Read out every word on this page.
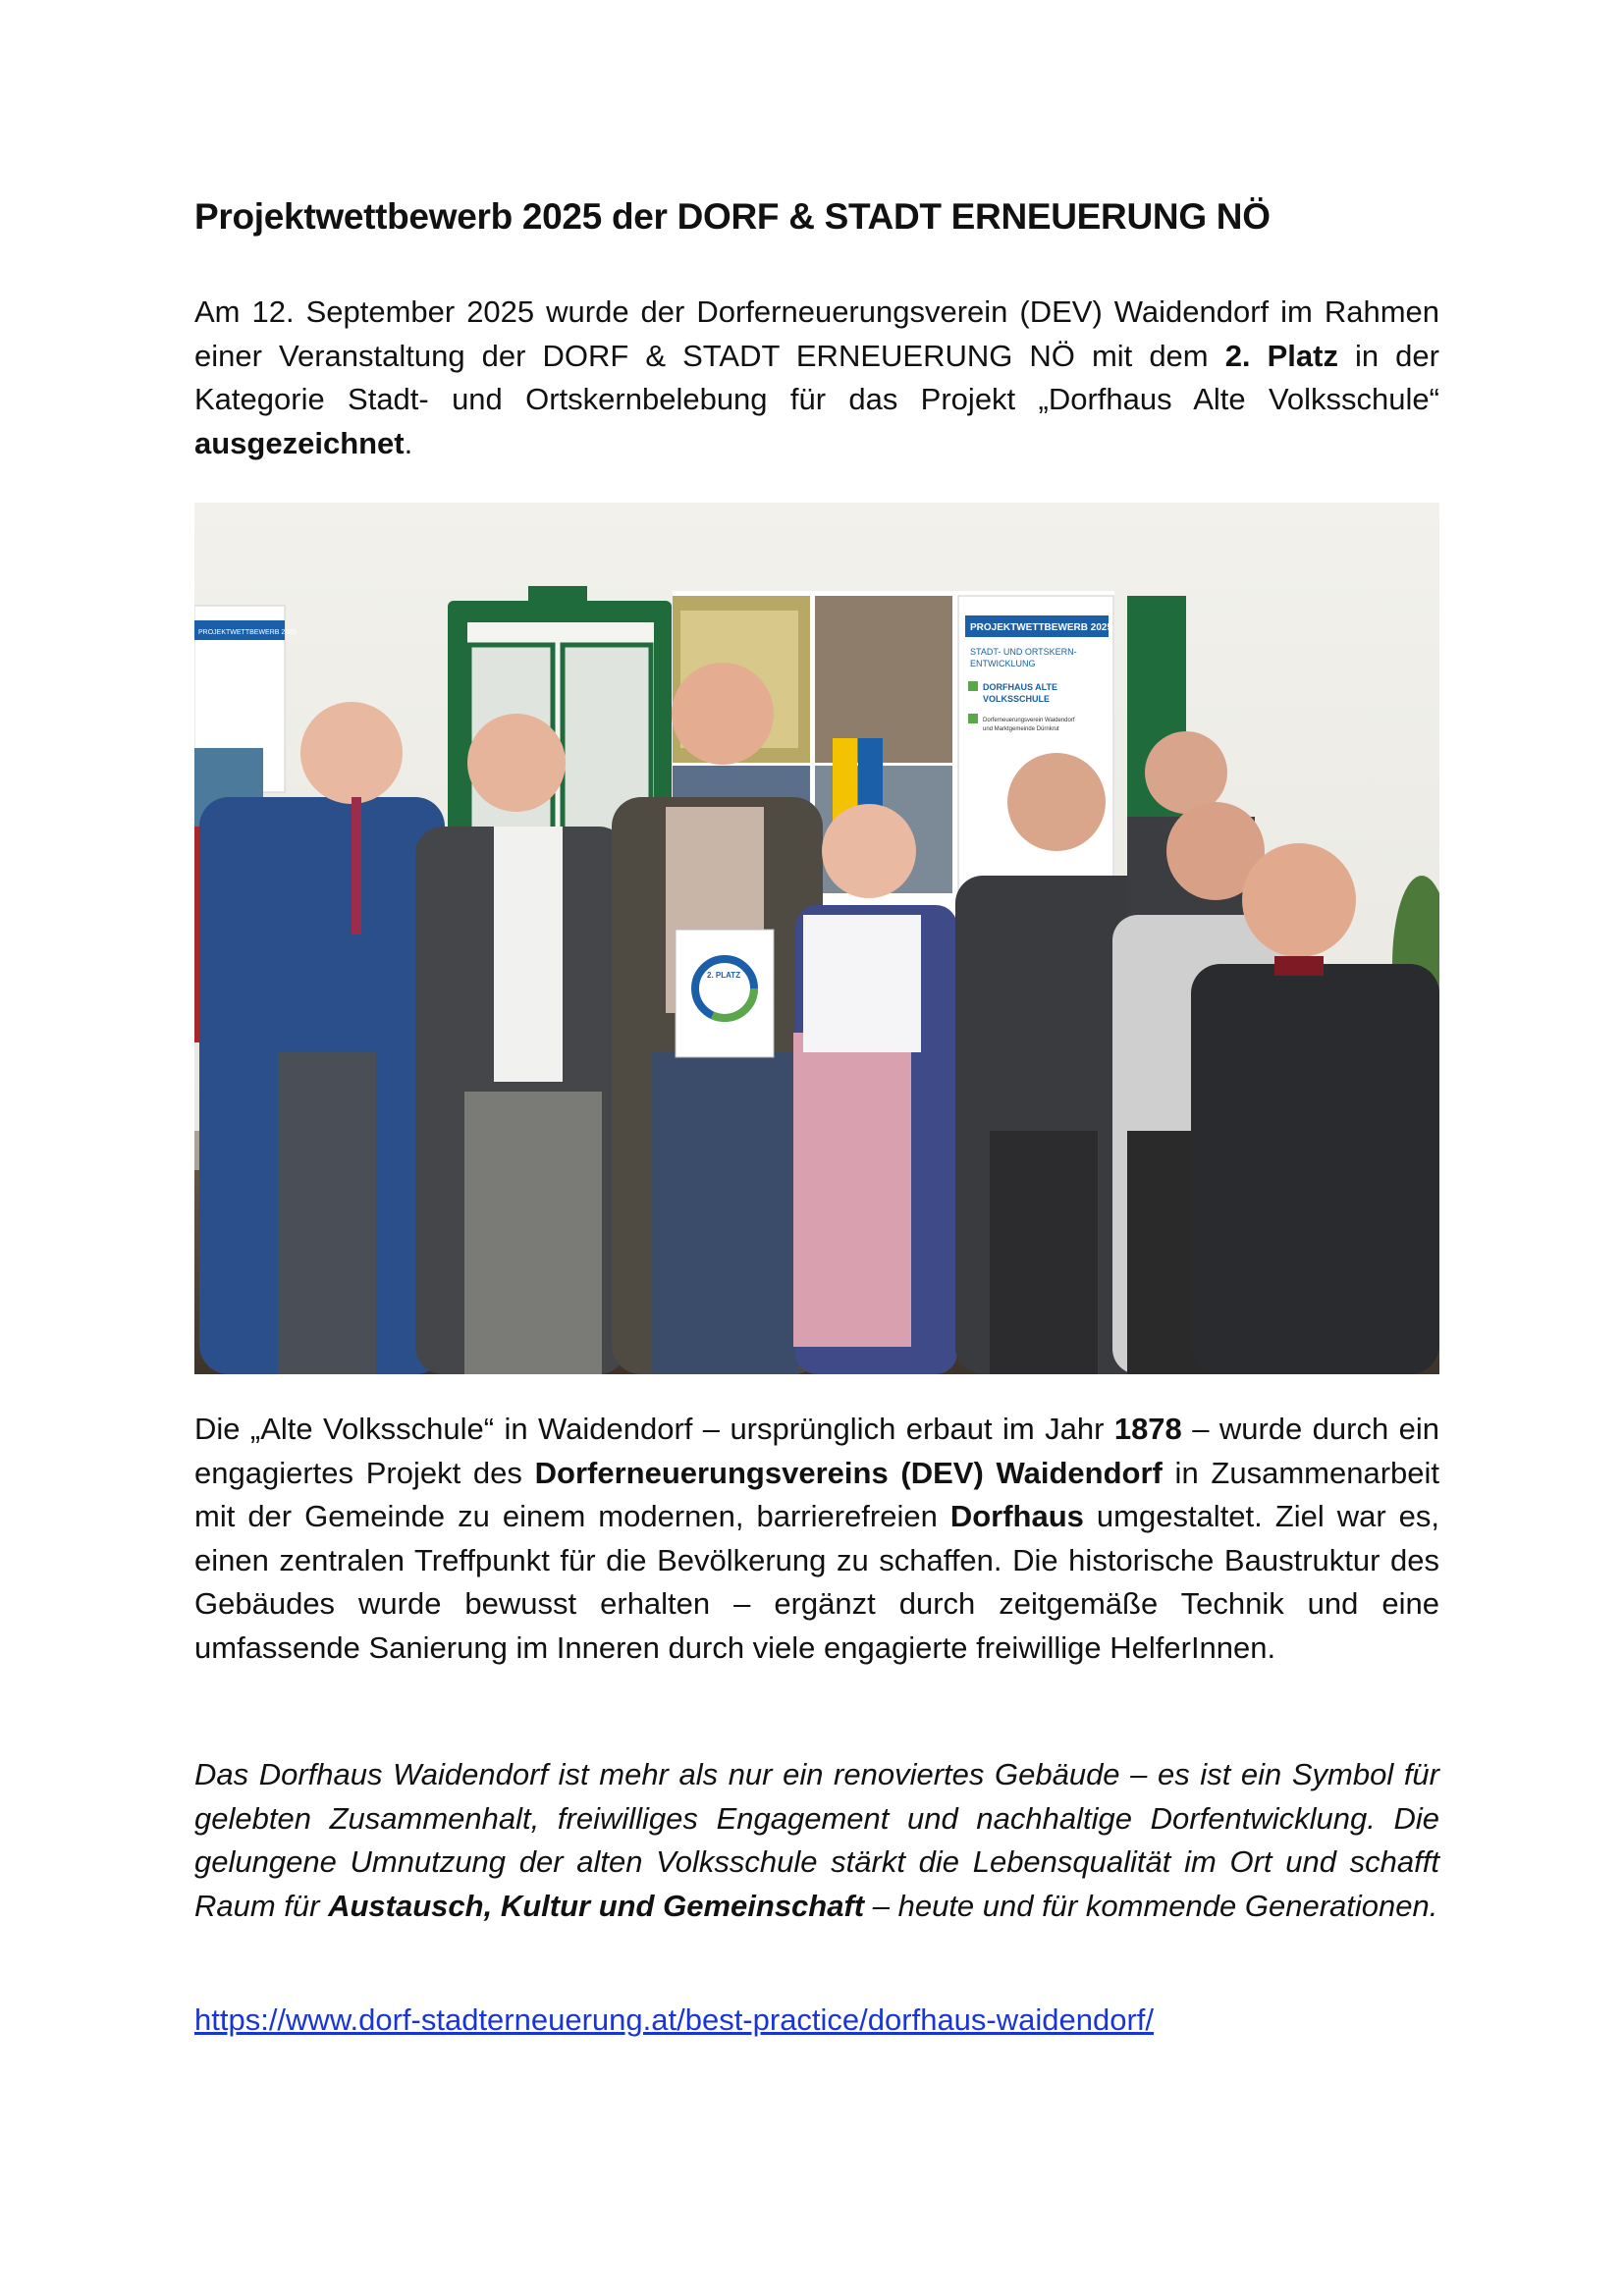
Projektwettbewerb 2025 der DORF & STADT ERNEUERUNG NÖ

Am 12. September 2025 wurde der Dorferneuerungsverein (DEV) Waidendorf im Rahmen einer Veranstaltung der DORF & STADT ERNEUERUNG NÖ mit dem 2. Platz in der Kategorie Stadt- und Ortskernbelebung für das Projekt „Dorfhaus Alte Volksschule“ ausgezeichnet.

PROJEKTWETTBEWERB 2025	PROJEKTWETTBEWERB 2025
STADT- UND ORTSKERN-
ENTWICKLUNG
DORFHAUS ALTE
VOLKSSCHULE
Dorferneuerungsverein Waidendorf
und Marktgemeinde Dürnkrut
2. PLATZ

Die „Alte Volksschule“ in Waidendorf – ursprünglich erbaut im Jahr 1878 – wurde durch ein engagiertes Projekt des Dorferneuerungsvereins (DEV) Waidendorf in Zusammenarbeit mit der Gemeinde zu einem modernen, barrierefreien Dorfhaus umgestaltet. Ziel war es, einen zentralen Treffpunkt für die Bevölkerung zu schaffen. Die historische Baustruktur des Gebäudes wurde bewusst erhalten – ergänzt durch zeitgemäße Technik und eine umfassende Sanierung im Inneren durch viele engagierte freiwillige HelferInnen.

Das Dorfhaus Waidendorf ist mehr als nur ein renoviertes Gebäude – es ist ein Symbol für gelebten Zusammenhalt, freiwilliges Engagement und nachhaltige Dorfentwicklung. Die gelungene Umnutzung der alten Volksschule stärkt die Lebensqualität im Ort und schafft Raum für Austausch, Kultur und Gemeinschaft – heute und für kommende Generationen.

https://www.dorf-stadterneuerung.at/best-practice/dorfhaus-waidendorf/
